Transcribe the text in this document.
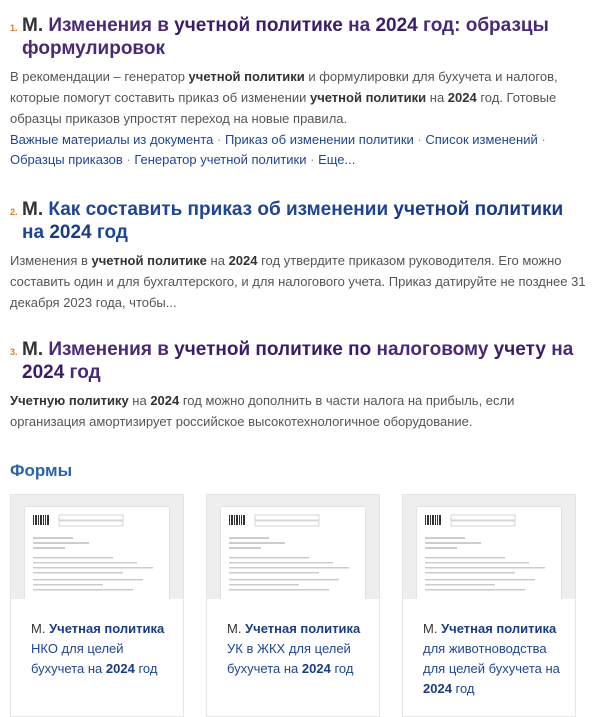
1. М. Изменения в учетной политике на 2024 год: образцы формулировок
В рекомендации – генератор учетной политики и формулировки для бухучета и налогов, которые помогут составить приказ об изменении учетной политики на 2024 год. Готовые образцы приказов упростят переход на новые правила.
Важные материалы из документа · Приказ об изменении политики · Список изменений · Образцы приказов · Генератор учетной политики · Еще...
2. М. Как составить приказ об изменении учетной политики на 2024 год
Изменения в учетной политике на 2024 год утвердите приказом руководителя. Его можно составить один и для бухгалтерского, и для налогового учета. Приказ датируйте не позднее 31 декабря 2023 года, чтобы...
3. М. Изменения в учетной политике по налоговому учету на 2024 год
Учетную политику на 2024 год можно дополнить в части налога на прибыль, если организация амортизирует российское высокотехнологичное оборудование.
Формы
М. Учетная политика НКО для целей бухучета на 2024 год
М. Учетная политика УК в ЖКХ для целей бухучета на 2024 год
М. Учетная политика для животноводства для целей бухучета на 2024 год
